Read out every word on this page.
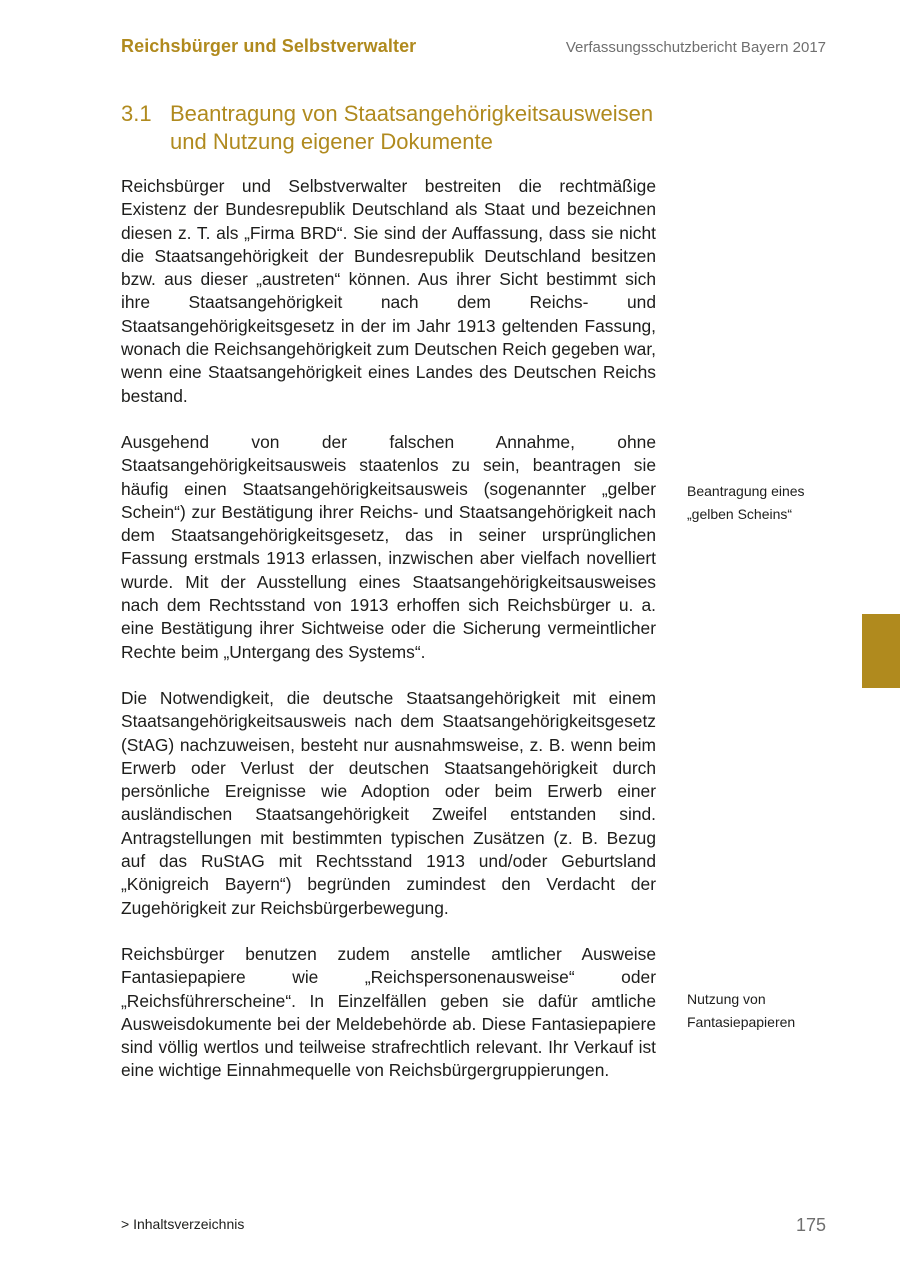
Reichsbürger und Selbstverwalter	Verfassungsschutzbericht Bayern 2017
3.1 Beantragung von Staatsangehörigkeitsausweisen und Nutzung eigener Dokumente

Reichsbürger und Selbstverwalter bestreiten die rechtmäßige Existenz der Bundesrepublik Deutschland als Staat und bezeichnen diesen z. T. als „Firma BRD“. Sie sind der Auffassung, dass sie nicht die Staatsangehörigkeit der Bundesrepublik Deutschland besitzen bzw. aus dieser „austreten“ können. Aus ihrer Sicht bestimmt sich ihre Staatsangehörigkeit nach dem Reichs- und Staatsangehörigkeitsgesetz in der im Jahr 1913 geltenden Fassung, wonach die Reichsangehörigkeit zum Deutschen Reich gegeben war, wenn eine Staatsangehörigkeit eines Landes des Deutschen Reichs bestand.

Ausgehend von der falschen Annahme, ohne Staatsangehörigkeitsausweis staatenlos zu sein, beantragen sie häufig einen Staatsangehörigkeitsausweis (sogenannter „gelber Schein“) zur Bestätigung ihrer Reichs- und Staatsangehörigkeit nach dem Staatsangehörigkeitsgesetz, das in seiner ursprünglichen Fassung erstmals 1913 erlassen, inzwischen aber vielfach novelliert wurde. Mit der Ausstellung eines Staatsangehörigkeitsausweises nach dem Rechtsstand von 1913 erhoffen sich Reichsbürger u. a. eine Bestätigung ihrer Sichtweise oder die Sicherung vermeintlicher Rechte beim „Untergang des Systems“.

Die Notwendigkeit, die deutsche Staatsangehörigkeit mit einem Staatsangehörigkeitsausweis nach dem Staatsangehörigkeitsgesetz (StAG) nachzuweisen, besteht nur ausnahmsweise, z. B. wenn beim Erwerb oder Verlust der deutschen Staatsangehörigkeit durch persönliche Ereignisse wie Adoption oder beim Erwerb einer ausländischen Staatsangehörigkeit Zweifel entstanden sind. Antragstellungen mit bestimmten typischen Zusätzen (z. B. Bezug auf das RuStAG mit Rechtsstand 1913 und/oder Geburtsland „Königreich Bayern“) begründen zumindest den Verdacht der Zugehörigkeit zur Reichsbürgerbewegung.

Reichsbürger benutzen zudem anstelle amtlicher Ausweise Fantasiepapiere wie „Reichspersonenausweise“ oder „Reichsführerscheine“. In Einzelfällen geben sie dafür amtliche Ausweisdokumente bei der Meldebehörde ab. Diese Fantasiepapiere sind völlig wertlos und teilweise strafrechtlich relevant. Ihr Verkauf ist eine wichtige Einnahmequelle von Reichsbürgergruppierungen.

Beantragung eines
„gelben Scheins“
Nutzung von
Fantasiepapieren
> Inhaltsverzeichnis	175
